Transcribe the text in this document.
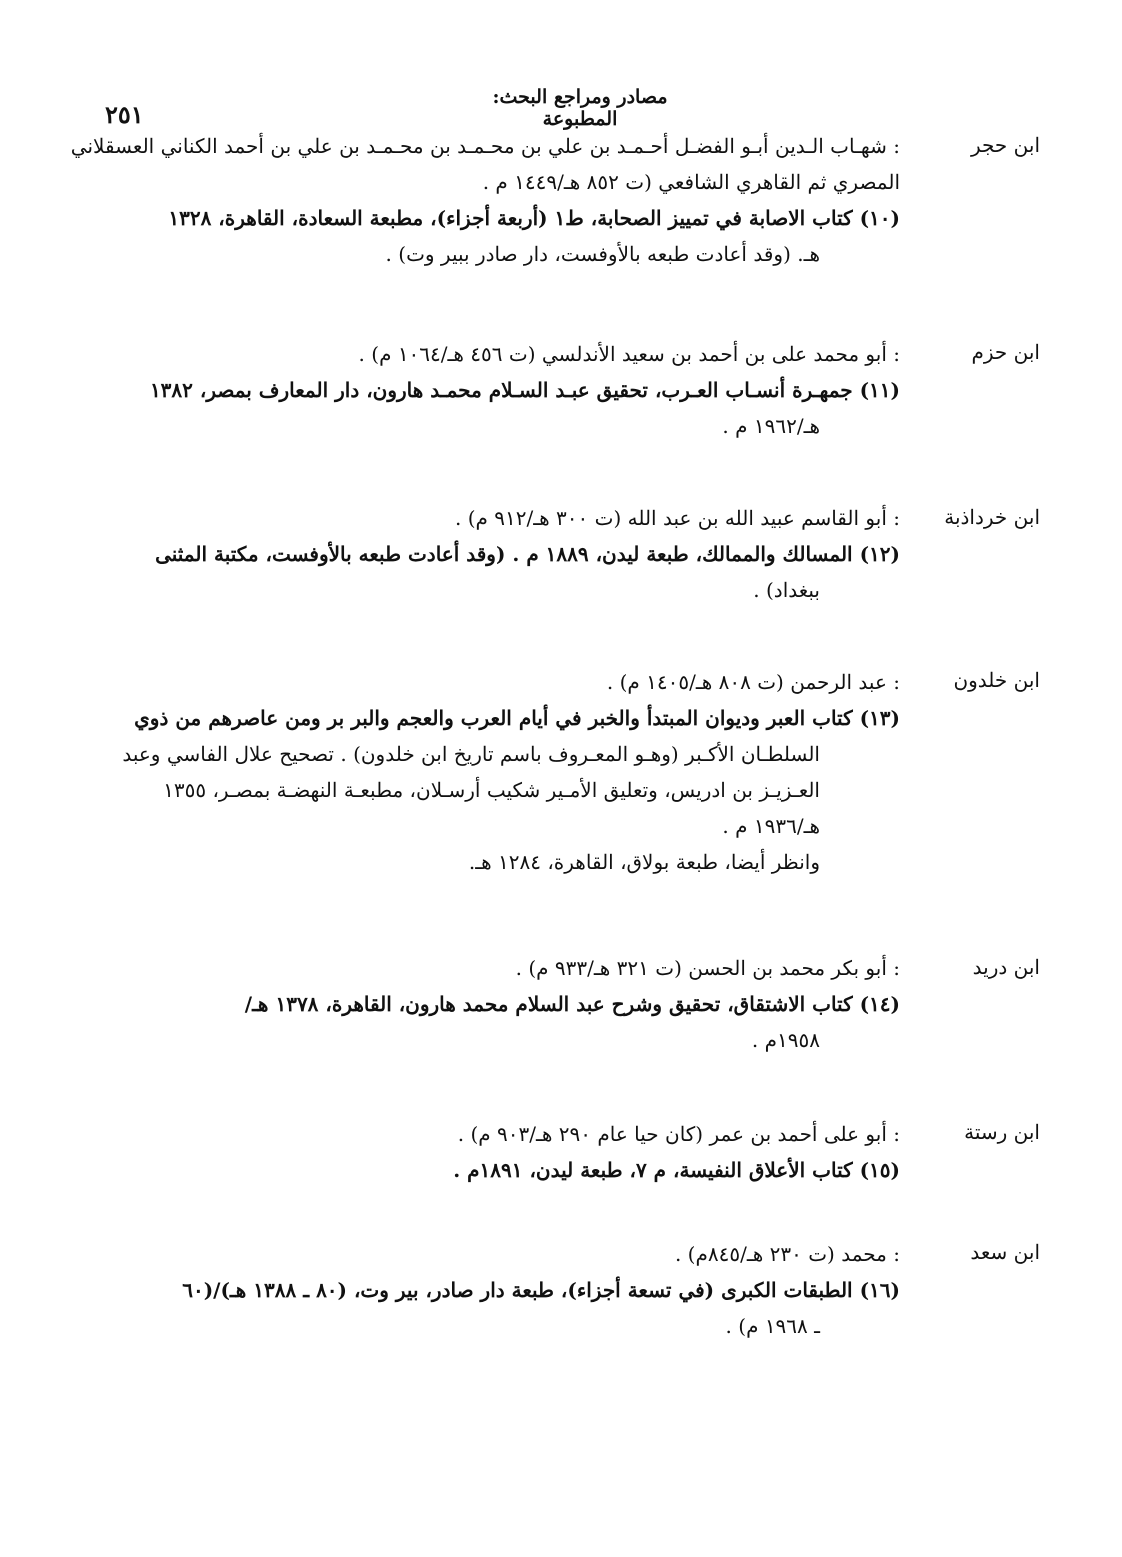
مصادر ومراجع البحث: المطبوعة
٢٥١
ابن حجر
: شهـاب الـدين أبـو الفضـل أحـمـد بن علي بن محـمـد بن محـمـد بن علي بن أحمد الكناني العسقلاني
المصري ثم القاهري الشافعي (ت ٨٥٢ هـ/١٤٤٩ م .
(١٠) كتاب الاصابة في تمييز الصحابة، ط١ (أربعة أجزاء)، مطبعة السعادة، القاهرة، ١٣٢٨
هـ. (وقد أعادت طبعه بالأوفست، دار صادر ببير وت) .
ابن حزم
: أبو محمد على بن أحمد بن سعيد الأندلسي (ت ٤٥٦ هـ/١٠٦٤ م) .
(١١) جمهـرة أنسـاب العـرب، تحقيق عبـد السـلام محمـد هارون، دار المعارف بمصر، ١٣٨٢
هـ/١٩٦٢ م .
ابن خرداذبة
: أبو القاسم عبيد الله بن عبد الله (ت ٣٠٠ هـ/٩١٢ م) .
(١٢) المسالك والممالك، طبعة ليدن، ١٨٨٩ م . (وقد أعادت طبعه بالأوفست، مكتبة المثنى
ببغداد) .
ابن خلدون
: عبد الرحمن (ت ٨٠٨ هـ/١٤٠٥ م) .
(١٣) كتاب العبر وديوان المبتدأ والخبر في أيام العرب والعجم والبر بر ومن عاصرهم من ذوي
السلطـان الأكـبر (وهـو المعـروف باسم تاريخ ابن خلدون) . تصحيح علال الفاسي وعبد
العـزيـز بن ادريس، وتعليق الأمـير شكيب أرسـلان، مطبعـة النهضـة بمصـر، ١٣٥٥
هـ/١٩٣٦ م .
وانظر أيضا، طبعة بولاق، القاهرة، ١٢٨٤ هـ.
ابن دريد
: أبو بكر محمد بن الحسن (ت ٣٢١ هـ/٩٣٣ م) .
(١٤) كتاب الاشتقاق، تحقيق وشرح عبد السلام محمد هارون، القاهرة، ١٣٧٨ هـ/
١٩٥٨م .
ابن رستة
: أبو على أحمد بن عمر (كان حيا عام ٢٩٠ هـ/٩٠٣ م) .
(١٥) كتاب الأعلاق النفيسة، م ٧، طبعة ليدن، ١٨٩١م .
ابن سعد
: محمد (ت ٢٣٠ هـ/٨٤٥م) .
(١٦) الطبقات الكبرى (في تسعة أجزاء)، طبعة دار صادر، بير وت، (٨٠ ـ ١٣٨٨ هـ)/(٦٠
ـ ١٩٦٨ م) .
